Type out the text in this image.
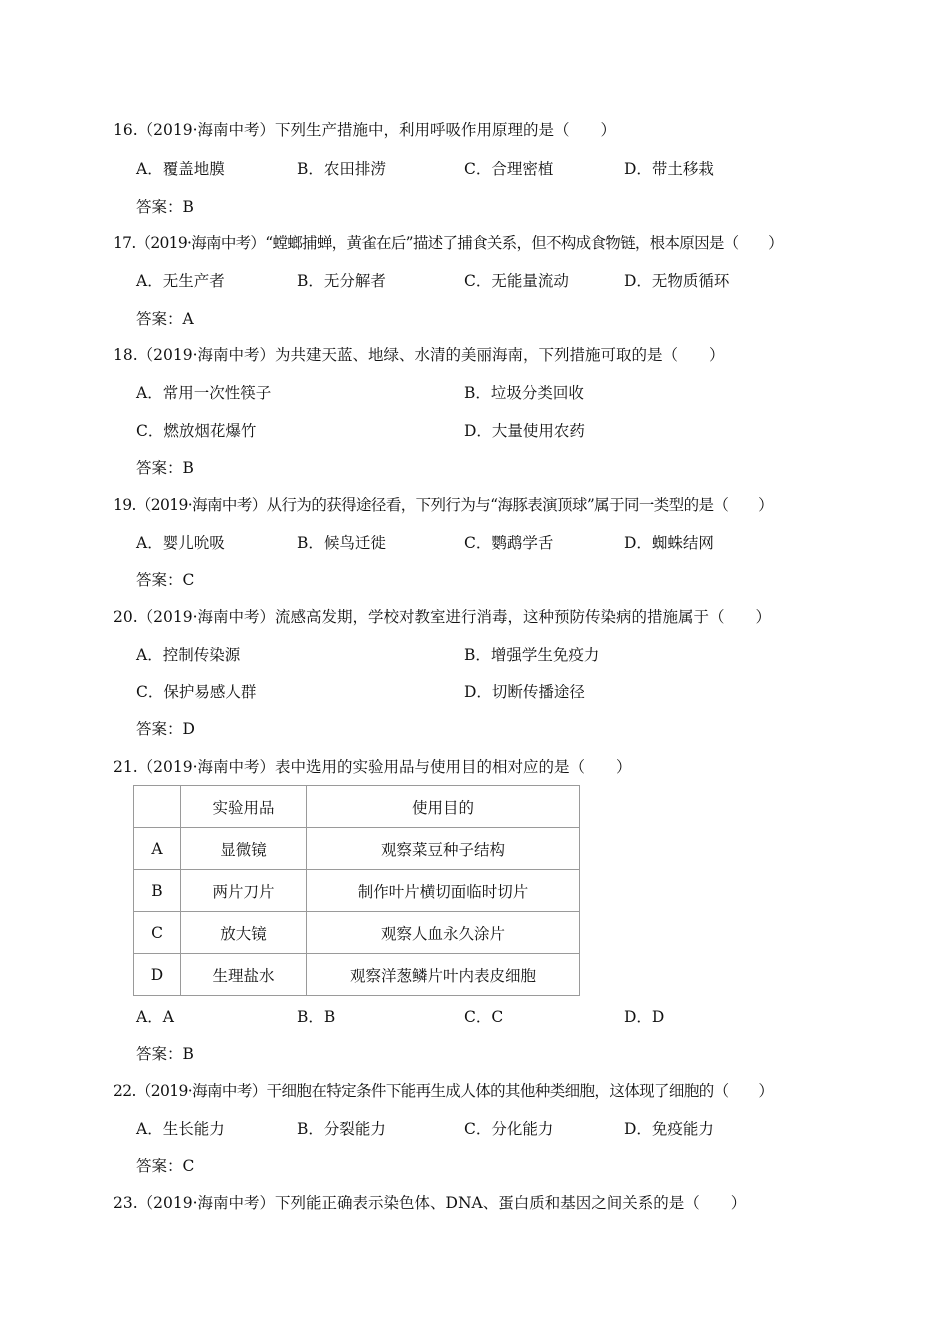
16.（2019·海南中考）下列生产措施中，利用呼吸作用原理的是（　　）
A．覆盖地膜	B．农田排涝	C．合理密植	D．带土移栽
答案：B
17.（2019·海南中考）“螳螂捕蝉，黄雀在后”描述了捕食关系，但不构成食物链，根本原因是（　　）
A．无生产者	B．无分解者	C．无能量流动	D．无物质循环
答案：A
18.（2019·海南中考）为共建天蓝、地绿、水清的美丽海南，下列措施可取的是（　　）
A．常用一次性筷子	B．垃圾分类回收
C．燃放烟花爆竹	D．大量使用农药
答案：B
19.（2019·海南中考）从行为的获得途径看，下列行为与“海豚表演顶球”属于同一类型的是（　　）
A．婴儿吮吸	B．候鸟迁徙	C．鹦鹉学舌	D．蜘蛛结网
答案：C
20.（2019·海南中考）流感高发期，学校对教室进行消毒，这种预防传染病的措施属于（　　）
A．控制传染源	B．增强学生免疫力
C．保护易感人群	D．切断传播途径
答案：D
21.（2019·海南中考）表中选用的实验用品与使用目的相对应的是（　　）
	实验用品	使用目的
A	显微镜	观察菜豆种子结构
B	两片刀片	制作叶片横切面临时切片
C	放大镜	观察人血永久涂片
D	生理盐水	观察洋葱鳞片叶内表皮细胞
A．A	B．B	C．C	D．D
答案：B
22.（2019·海南中考）干细胞在特定条件下能再生成人体的其他种类细胞，这体现了细胞的（　　）
A．生长能力	B．分裂能力	C．分化能力	D．免疫能力
答案：C
23.（2019·海南中考）下列能正确表示染色体、DNA、蛋白质和基因之间关系的是（　　）
